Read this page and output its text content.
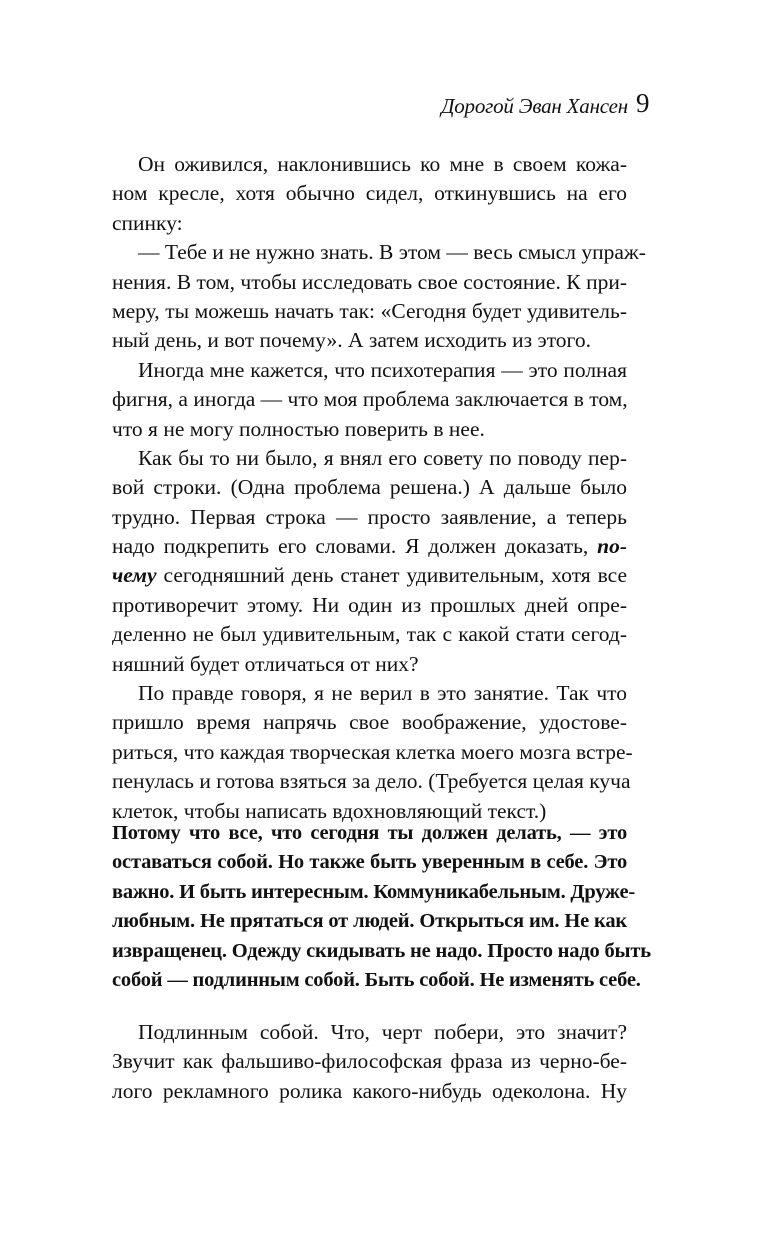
Дорогой Эван Хансен 9
Он оживился, наклонившись ко мне в своем кожа-
ном кресле, хотя обычно сидел, откинувшись на его
спинку:
— Тебе и не нужно знать. В этом — весь смысл упраж-
нения. В том, чтобы исследовать свое состояние. К при-
меру, ты можешь начать так: «Сегодня будет удивитель-
ный день, и вот почему». А затем исходить из этого.
Иногда мне кажется, что психотерапия — это полная
фигня, а иногда — что моя проблема заключается в том,
что я не могу полностью поверить в нее.
Как бы то ни было, я внял его совету по поводу пер-
вой строки. (Одна проблема решена.) А дальше было
трудно. Первая строка — просто заявление, а теперь
надо подкрепить его словами. Я должен доказать, по-
чему сегодняшний день станет удивительным, хотя все
противоречит этому. Ни один из прошлых дней опре-
деленно не был удивительным, так с какой стати сегод-
няшний будет отличаться от них?
По правде говоря, я не верил в это занятие. Так что
пришло время напрячь свое воображение, удостове-
риться, что каждая творческая клетка моего мозга встре-
пенулась и готова взяться за дело. (Требуется целая куча
клеток, чтобы написать вдохновляющий текст.)
Потому что все, что сегодня ты должен делать, — это
оставаться собой. Но также быть уверенным в себе. Это
важно. И быть интересным. Коммуникабельным. Друже-
любным. Не прятаться от людей. Открыться им. Не как
извращенец. Одежду скидывать не надо. Просто надо быть
собой — подлинным собой. Быть собой. Не изменять себе.
Подлинным собой. Что, черт побери, это значит?
Звучит как фальшиво-философская фраза из черно-бе-
лого рекламного ролика какого-нибудь одеколона. Ну
